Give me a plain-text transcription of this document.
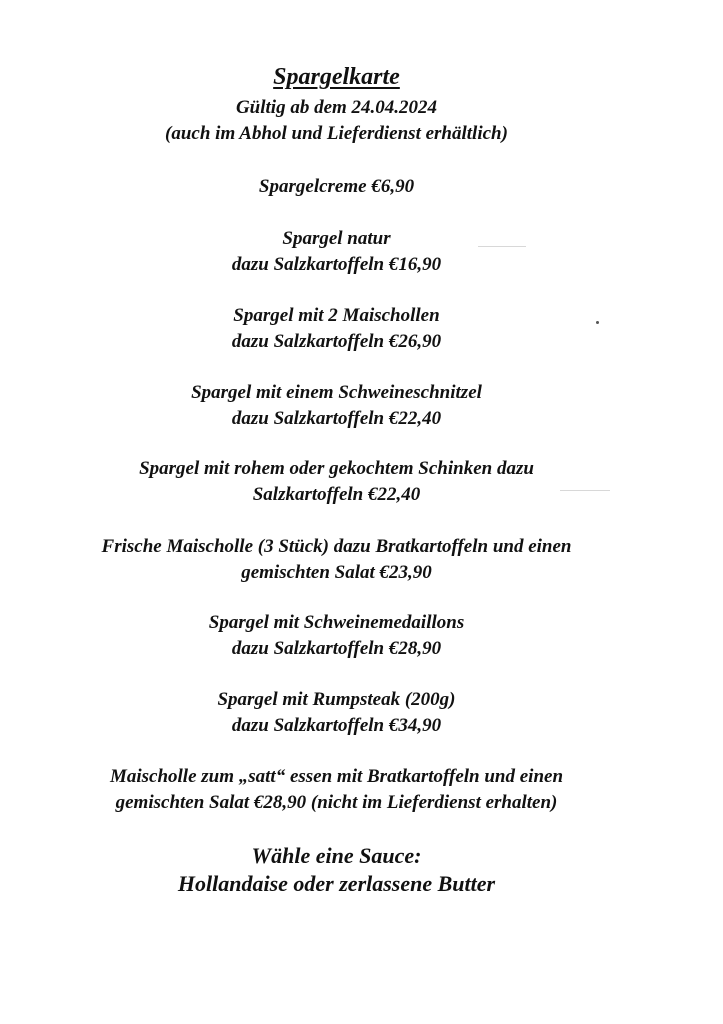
Spargelkarte
Gültig ab dem 24.04.2024
(auch im Abhol und Lieferdienst erhältlich)
Spargelcreme €6,90
Spargel natur
dazu Salzkartoffeln €16,90
Spargel mit 2 Maischollen
dazu Salzkartoffeln €26,90
Spargel mit einem Schweineschnitzel
dazu Salzkartoffeln €22,40
Spargel mit rohem oder gekochtem Schinken dazu
Salzkartoffeln €22,40
Frische Maischolle (3 Stück) dazu Bratkartoffeln und einen
gemischten Salat €23,90
Spargel mit Schweinemedaillons
dazu Salzkartoffeln €28,90
Spargel mit Rumpsteak (200g)
dazu Salzkartoffeln €34,90
Maischolle zum „satt“ essen mit Bratkartoffeln und einen
gemischten Salat €28,90 (nicht im Lieferdienst erhalten)
Wähle eine Sauce:
Hollandaise oder zerlassene Butter
